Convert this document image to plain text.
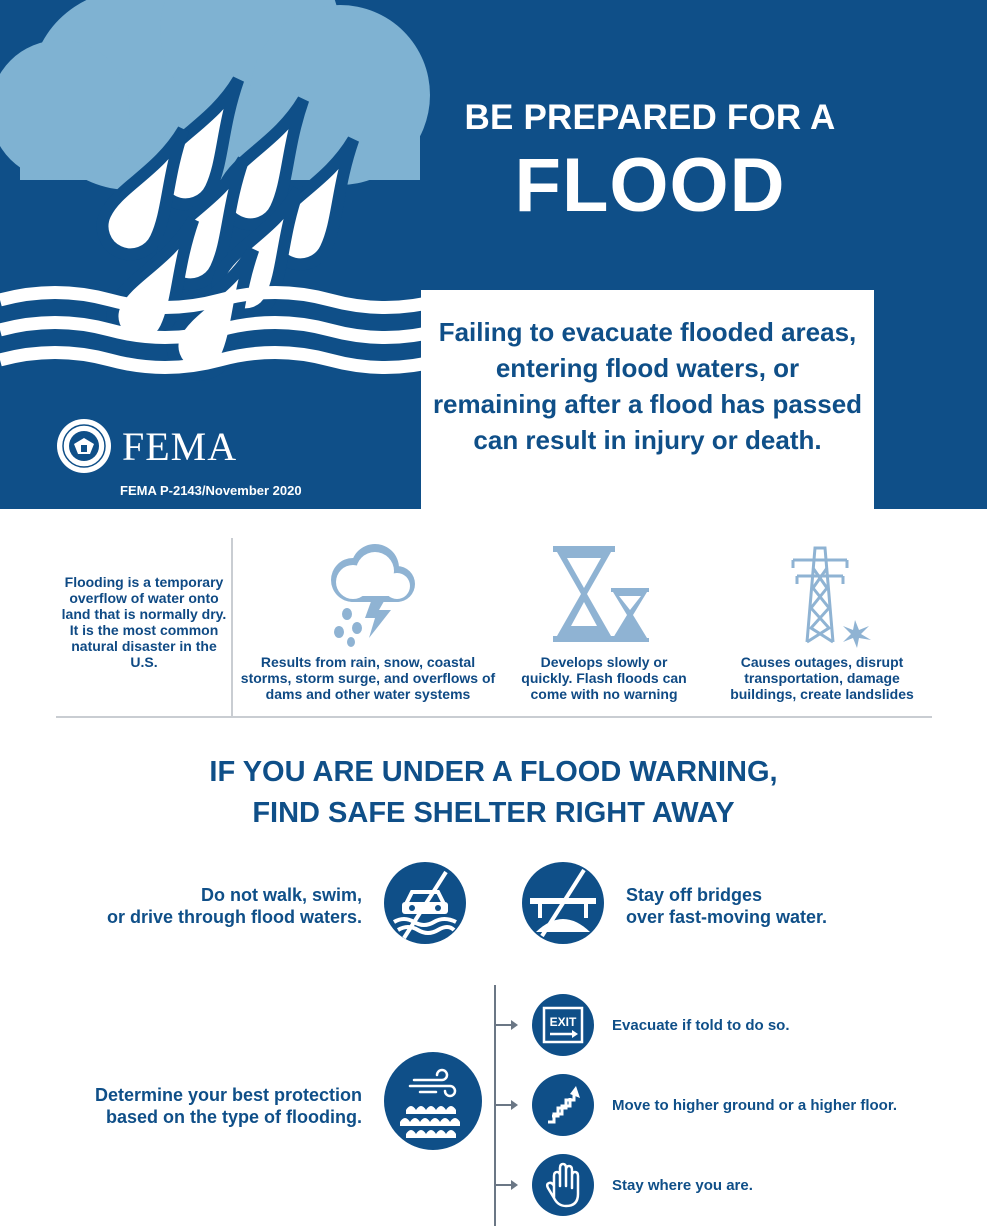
BE PREPARED FOR A
FLOOD
FEMA
FEMA P-2143/November 2020
Failing to evacuate flooded areas, entering flood waters, or remaining after a flood has passed can result in injury or death.
Flooding is a temporary overflow of water onto land that is normally dry. It is the most common natural disaster in the U.S.	Results from rain, snow, coastal storms, storm surge, and overflows of dams and other water systems
Develops slowly or quickly. Flash floods can come with no warning
Causes outages, disrupt transportation, damage buildings, create landslides
IF YOU ARE UNDER A FLOOD WARNING,
FIND SAFE SHELTER RIGHT AWAY
Do not walk, swim,
or drive through flood waters.
Stay off bridges
over fast-moving water.
Determine your best protection
based on the type of flooding.
EXIT Evacuate if told to do so.
Move to higher ground or a higher floor.
Stay where you are.
